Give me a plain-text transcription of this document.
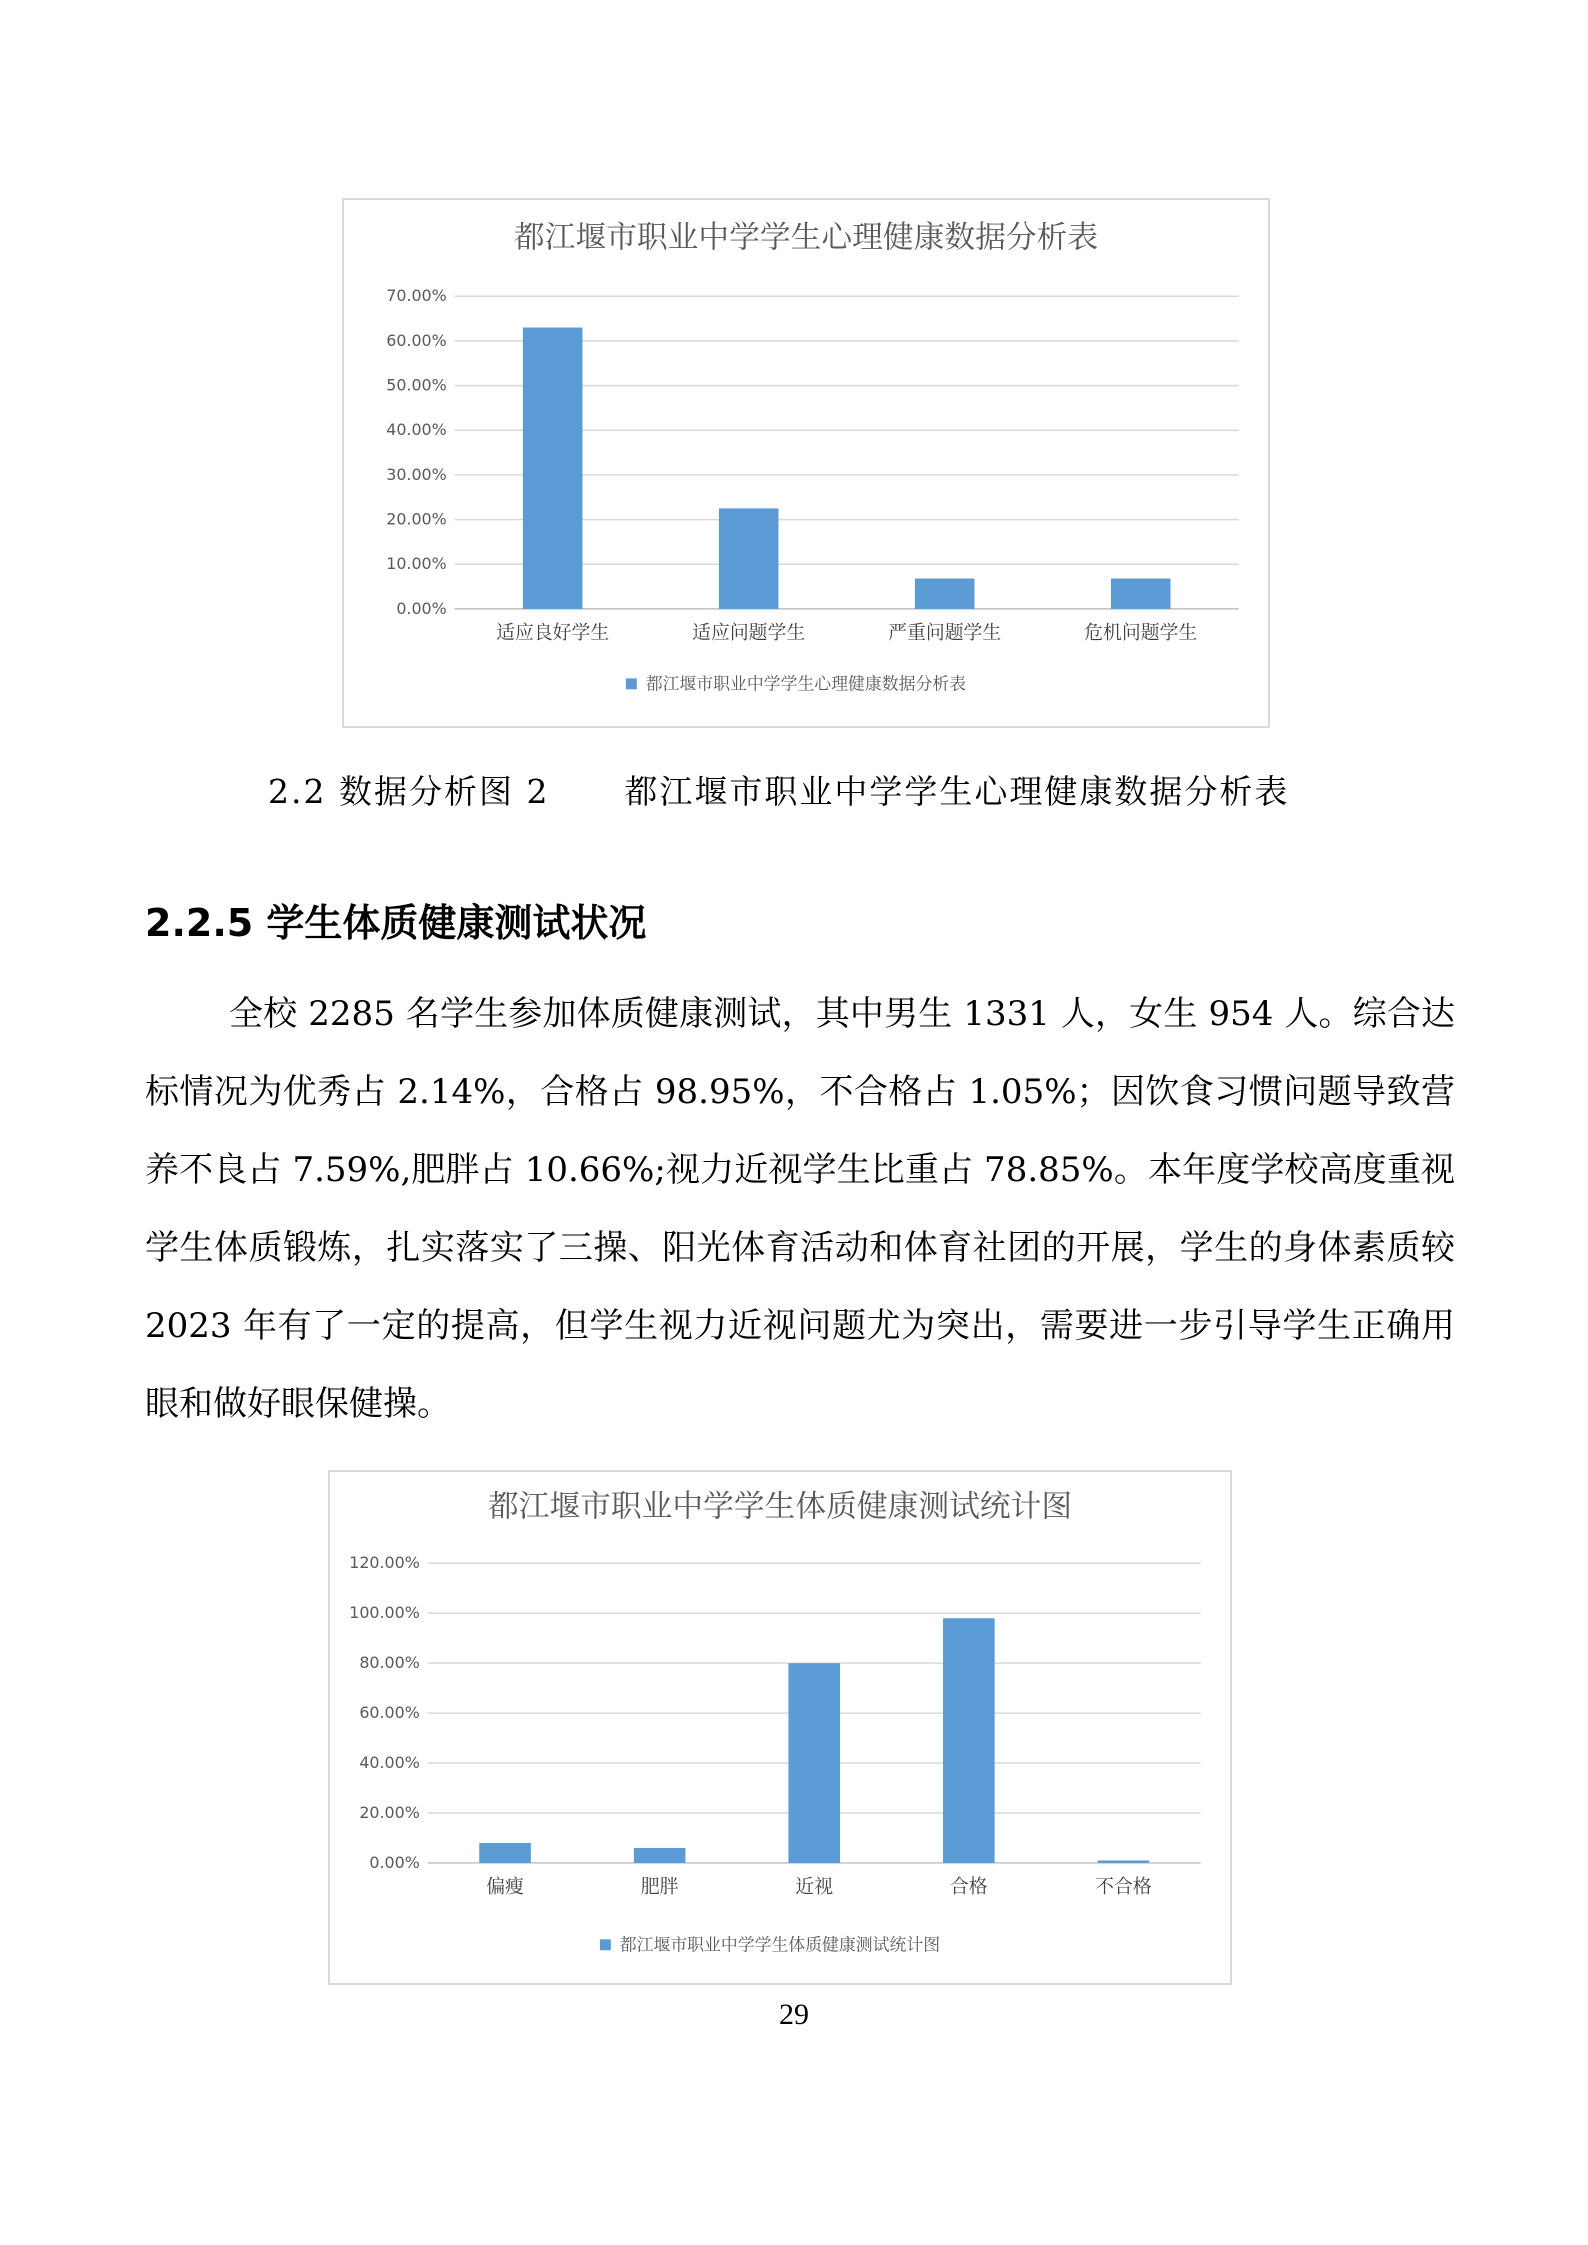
都江堰市职业中学学生心理健康数据分析表
0.00%
10.00%
20.00%
30.00%
40.00%
50.00%
60.00%
70.00%
适应良好学生	适应问题学生	严重问题学生	危机问题学生
都江堰市职业中学学生心理健康数据分析表
2.2 数据分析图 2      都江堰市职业中学学生心理健康数据分析表
2.2.5 学生体质健康测试状况
全校 2285 名学生参加体质健康测试，其中男生 1331 人，女生 954 人。综合达标情况为优秀占 2.14%，合格占 98.95%，不合格占 1.05%；因饮食习惯问题导致营养不良占 7.59%,肥胖占 10.66%;视力近视学生比重占 78.85%。本年度学校高度重视学生体质锻炼，扎实落实了三操、阳光体育活动和体育社团的开展，学生的身体素质较 2023 年有了一定的提高，但学生视力近视问题尤为突出，需要进一步引导学生正确用眼和做好眼保健操。
都江堰市职业中学学生体质健康测试统计图
0.00%
20.00%
40.00%
60.00%
80.00%
100.00%
120.00%
偏瘦	肥胖	近视	合格	不合格
都江堰市职业中学学生体质健康测试统计图
29
